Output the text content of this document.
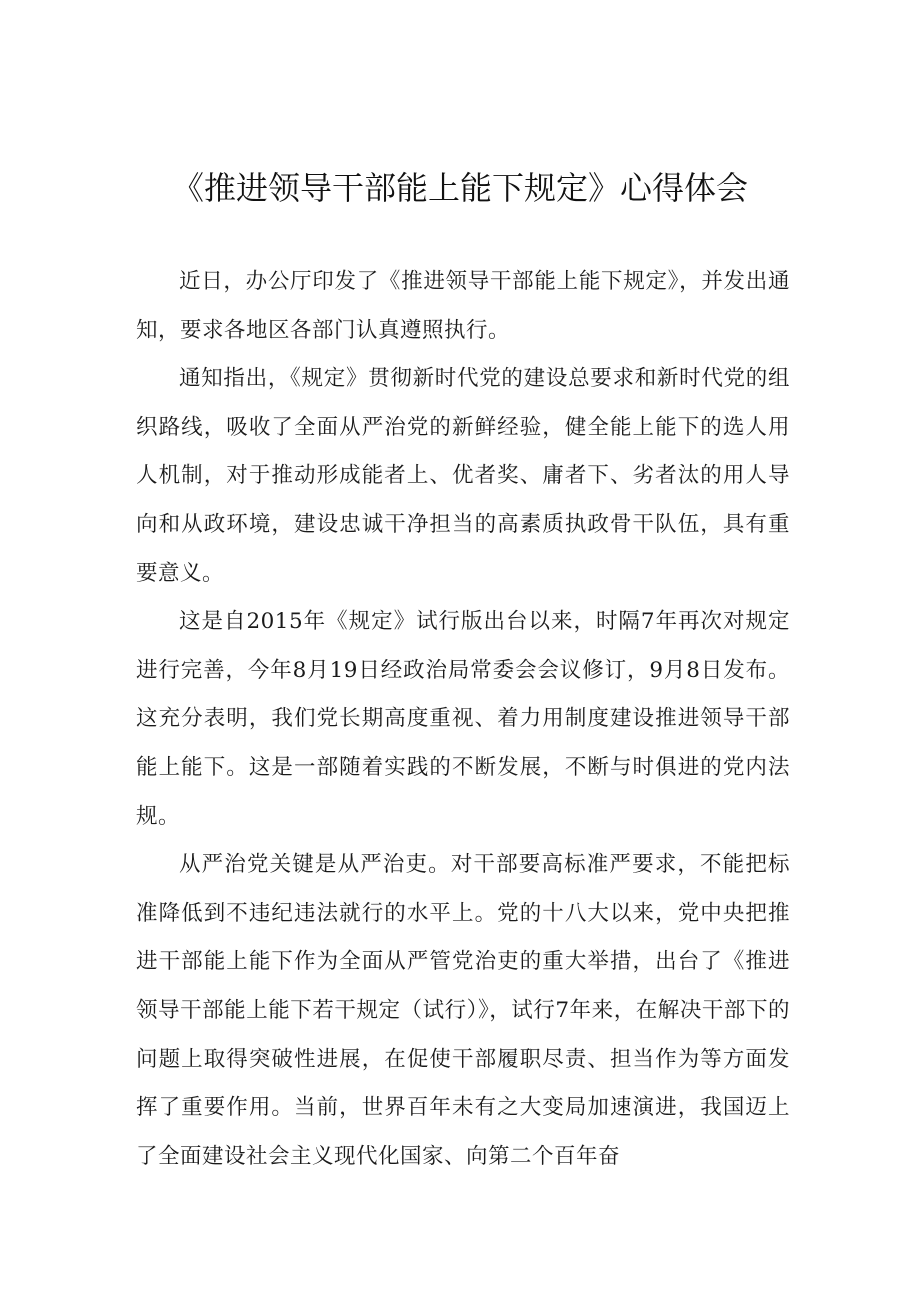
《推进领导干部能上能下规定》心得体会

近日，办公厅印发了《推进领导干部能上能下规定》，并发出通知，要求各地区各部门认真遵照执行。

通知指出，《规定》贯彻新时代党的建设总要求和新时代党的组织路线，吸收了全面从严治党的新鲜经验，健全能上能下的选人用人机制，对于推动形成能者上、优者奖、庸者下、劣者汰的用人导向和从政环境，建设忠诚干净担当的高素质执政骨干队伍，具有重要意义。

这是自2015年《规定》试行版出台以来，时隔7年再次对规定进行完善，今年8月19日经政治局常委会会议修订，9月8日发布。这充分表明，我们党长期高度重视、着力用制度建设推进领导干部能上能下。这是一部随着实践的不断发展，不断与时俱进的党内法规。

从严治党关键是从严治吏。对干部要高标准严要求，不能把标准降低到不违纪违法就行的水平上。党的十八大以来，党中央把推进干部能上能下作为全面从严管党治吏的重大举措，出台了《推进领导干部能上能下若干规定（试行）》，试行7年来，在解决干部下的问题上取得突破性进展，在促使干部履职尽责、担当作为等方面发挥了重要作用。当前，世界百年未有之大变局加速演进，我国迈上了全面建设社会主义现代化国家、向第二个百年奋
